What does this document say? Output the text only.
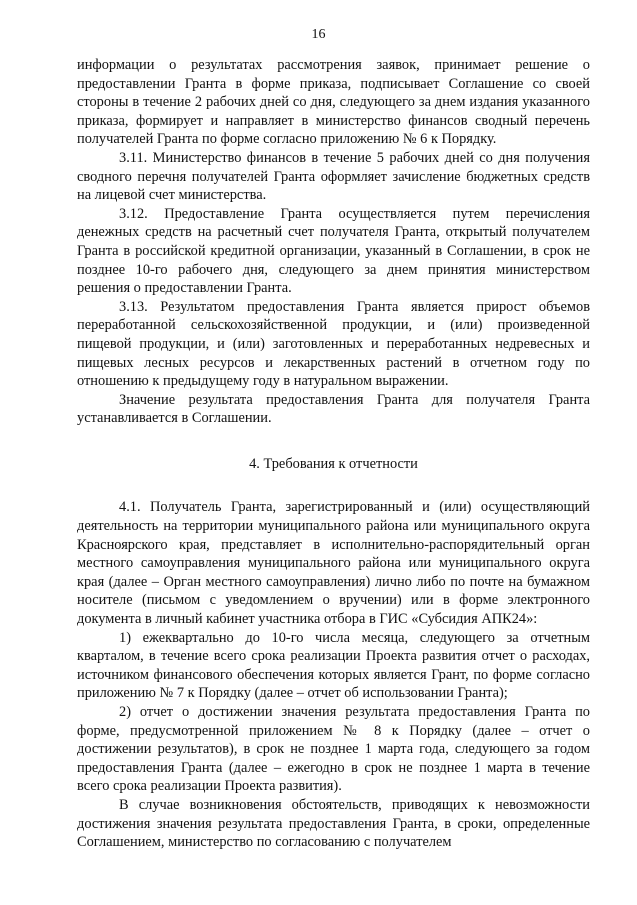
16

информации о результатах рассмотрения заявок, принимает решение о предоставлении Гранта в форме приказа, подписывает Соглашение со своей стороны в течение 2 рабочих дней со дня, следующего за днем издания указанного приказа, формирует и направляет в министерство финансов сводный перечень получателей Гранта по форме согласно приложению № 6 к Порядку.

3.11. Министерство финансов в течение 5 рабочих дней со дня получения сводного перечня получателей Гранта оформляет зачисление бюджетных средств на лицевой счет министерства.

3.12. Предоставление Гранта осуществляется путем перечисления денежных средств на расчетный счет получателя Гранта, открытый получателем Гранта в российской кредитной организации, указанный в Соглашении, в срок не позднее 10-го рабочего дня, следующего за днем принятия министерством решения о предоставлении Гранта.

3.13. Результатом предоставления Гранта является прирост объемов переработанной сельскохозяйственной продукции, и (или) произведенной пищевой продукции, и (или) заготовленных и переработанных недревесных и пищевых лесных ресурсов и лекарственных растений в отчетном году по отношению к предыдущему году в натуральном выражении.

Значение результата предоставления Гранта для получателя Гранта устанавливается в Соглашении.

4. Требования к отчетности

4.1. Получатель Гранта, зарегистрированный и (или) осуществляющий деятельность на территории муниципального района или муниципального округа Красноярского края, представляет в исполнительно-распорядительный орган местного самоуправления муниципального района или муниципального округа края (далее – Орган местного самоуправления) лично либо по почте на бумажном носителе (письмом с уведомлением о вручении) или в форме электронного документа в личный кабинет участника отбора в ГИС «Субсидия АПК24»:

1) ежеквартально до 10-го числа месяца, следующего за отчетным кварталом, в течение всего срока реализации Проекта развития отчет о расходах, источником финансового обеспечения которых является Грант, по форме согласно приложению № 7 к Порядку (далее – отчет об использовании Гранта);

2) отчет о достижении значения результата предоставления Гранта по форме, предусмотренной приложением № 8 к Порядку (далее – отчет о достижении результатов), в срок не позднее 1 марта года, следующего за годом предоставления Гранта (далее – ежегодно в срок не позднее 1 марта в течение всего срока реализации Проекта развития).

В случае возникновения обстоятельств, приводящих к невозможности достижения значения результата предоставления Гранта, в сроки, определенные Соглашением, министерство по согласованию с получателем
